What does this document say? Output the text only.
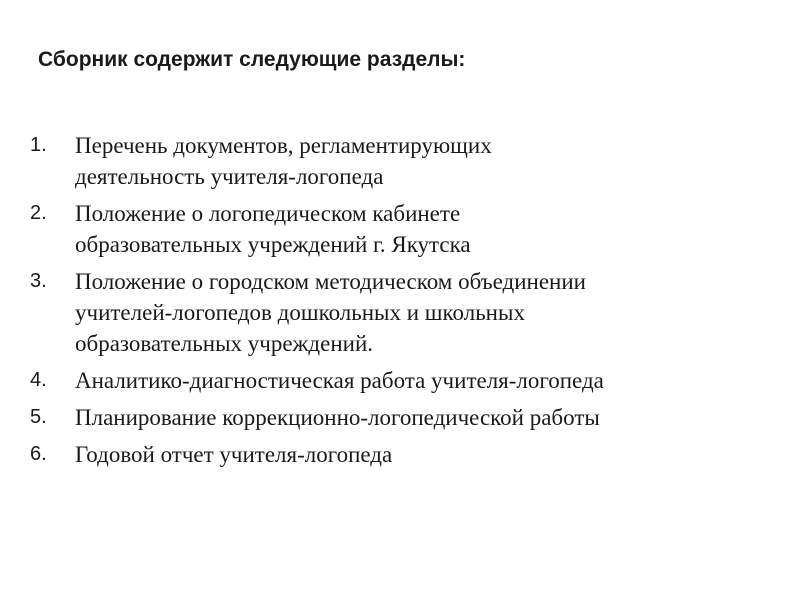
Сборник содержит следующие разделы:
1.	Перечень документов, регламентирующих
деятельность учителя-логопеда
2.	Положение о логопедическом кабинете
образовательных учреждений г. Якутска
3.	Положение о городском методическом объединении
учителей-логопедов дошкольных и школьных
образовательных учреждений.
4.	Аналитико-диагностическая работа учителя-логопеда
5.	Планирование коррекционно-логопедической работы
6.	Годовой отчет учителя-логопеда
